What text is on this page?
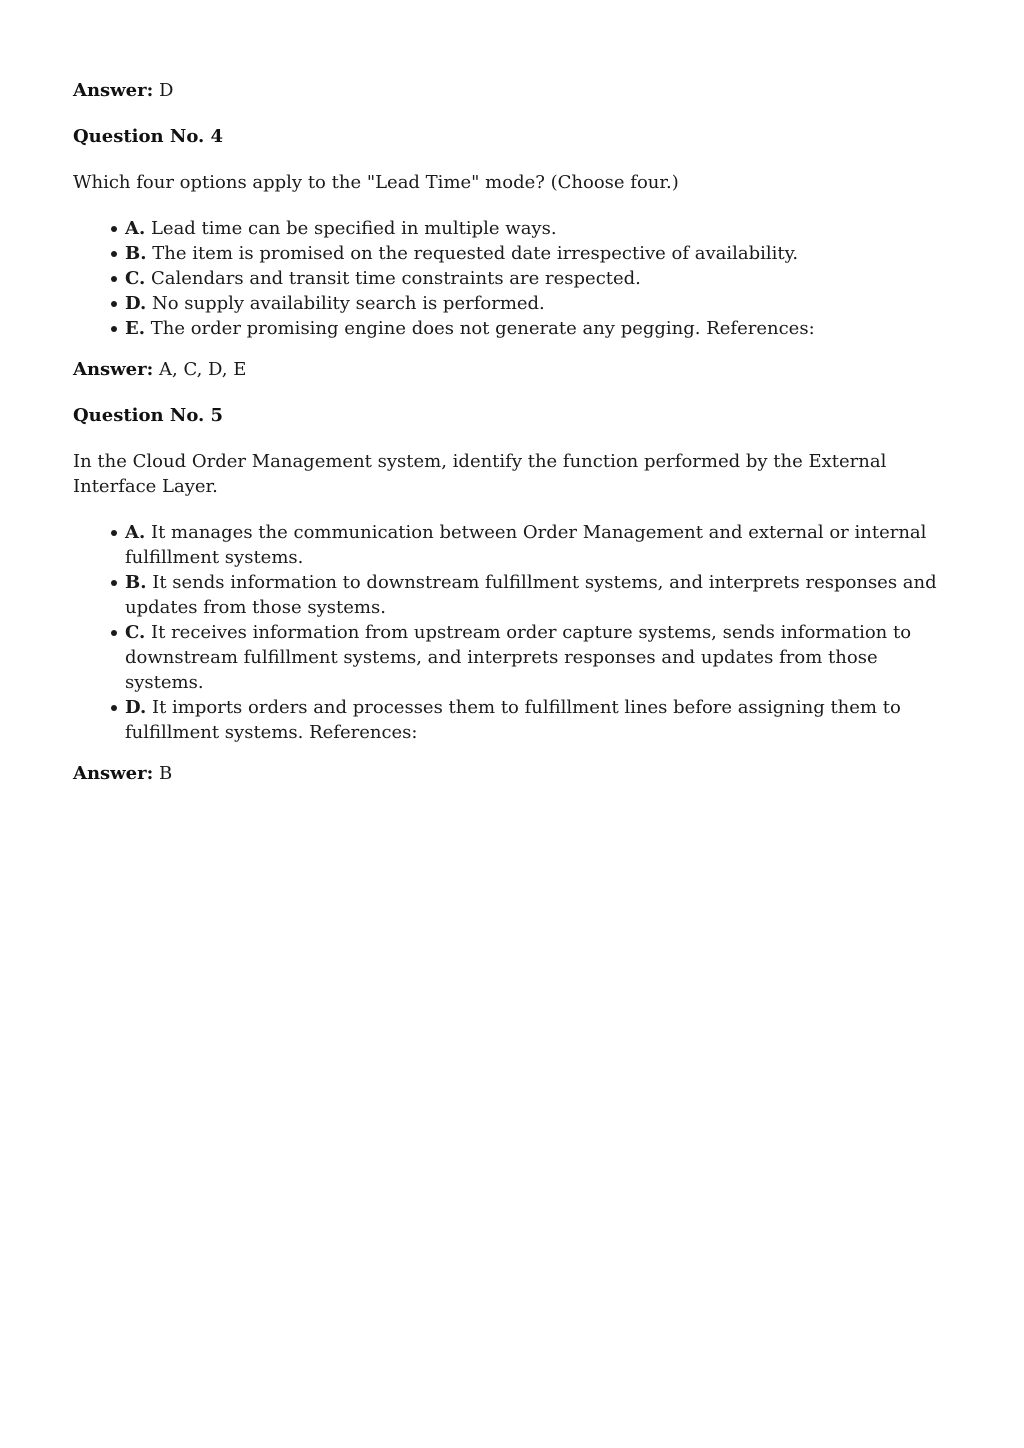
Answer: D

Question No. 4

Which four options apply to the "Lead Time" mode? (Choose four.)

A. Lead time can be specified in multiple ways.
B. The item is promised on the requested date irrespective of availability.
C. Calendars and transit time constraints are respected.
D. No supply availability search is performed.
E. The order promising engine does not generate any pegging. References:

Answer: A, C, D, E

Question No. 5

In the Cloud Order Management system, identify the function performed by the External Interface Layer.

A. It manages the communication between Order Management and external or internal fulfillment systems.
B. It sends information to downstream fulfillment systems, and interprets responses and updates from those systems.
C. It receives information from upstream order capture systems, sends information to downstream fulfillment systems, and interprets responses and updates from those systems.
D. It imports orders and processes them to fulfillment lines before assigning them to fulfillment systems. References:

Answer: B
